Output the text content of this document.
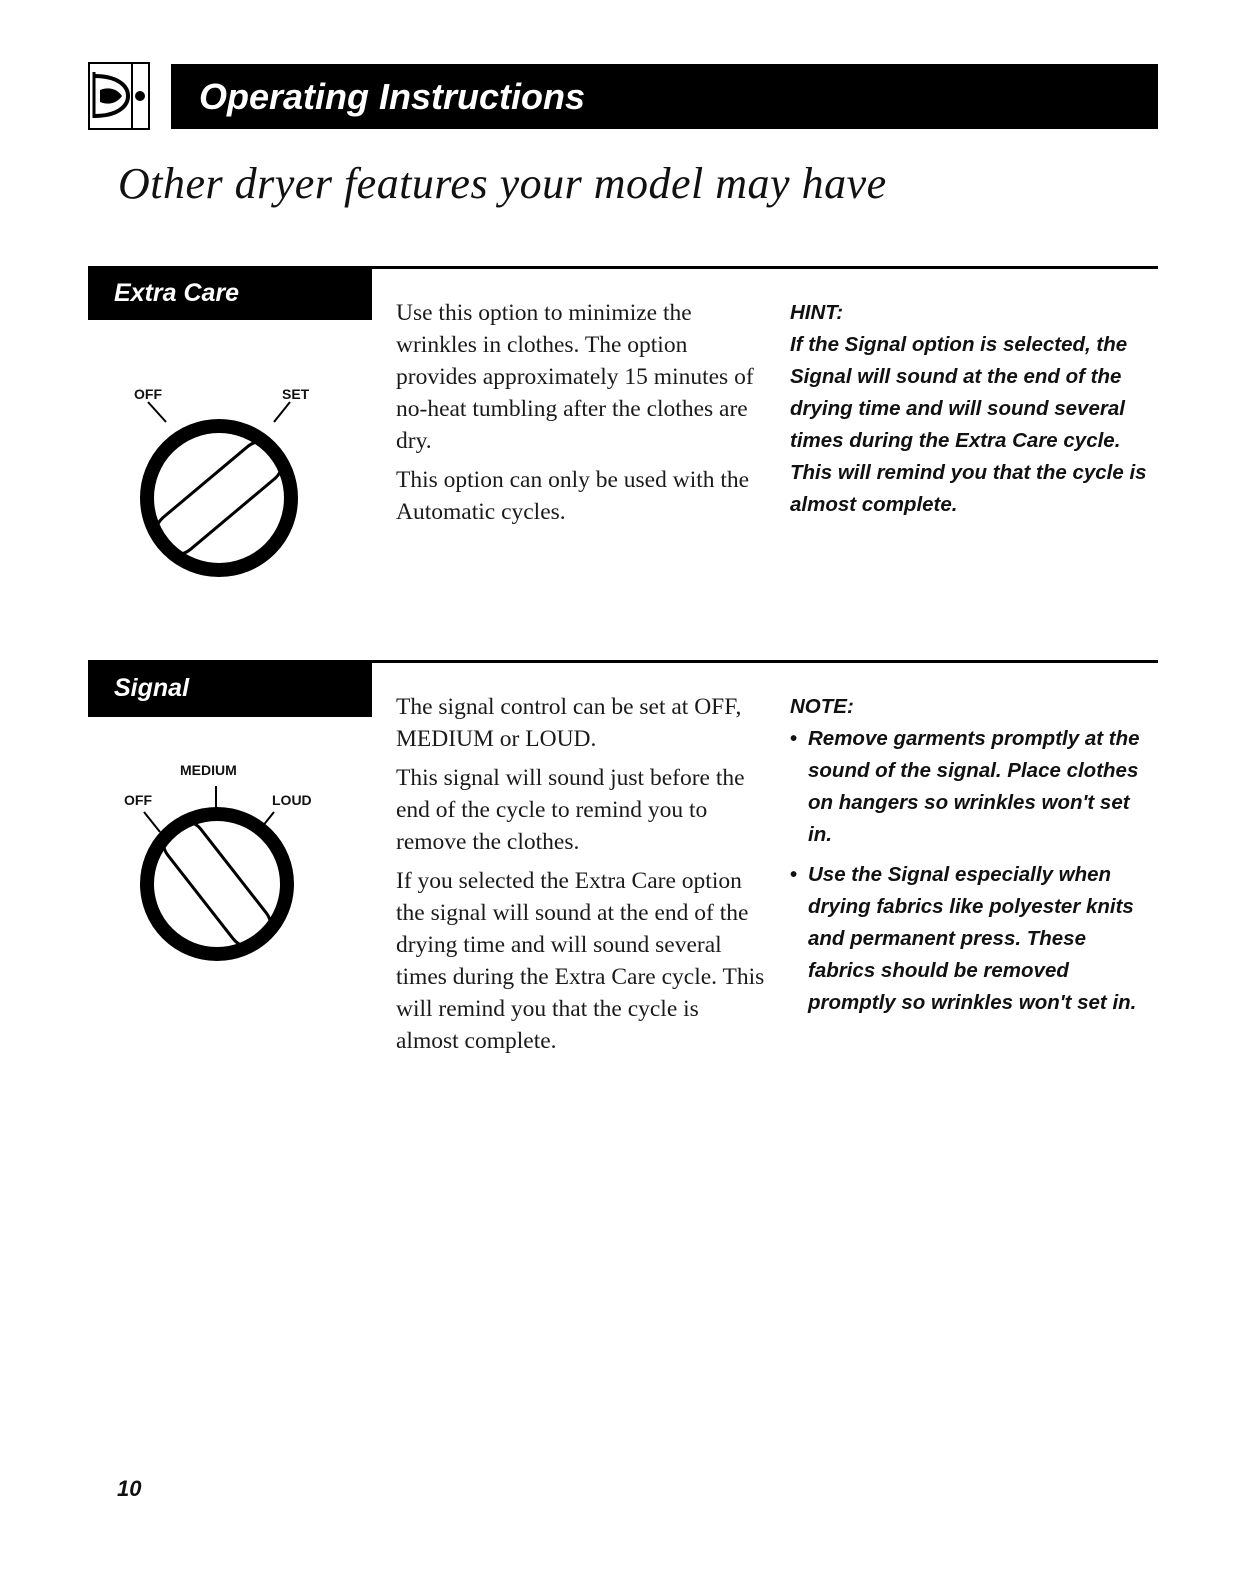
Operating Instructions
Other dryer features your model may have
Extra Care
OFF	SET

Use this option to minimize the wrinkles in clothes. The option provides approximately 15 minutes of no-heat tumbling after the clothes are dry.

This option can only be used with the Automatic cycles.

HINT:

If the Signal option is selected, the Signal will sound at the end of the drying time and will sound several times during the Extra Care cycle. This will remind you that the cycle is almost complete.

Signal
MEDIUM
OFF	LOUD

The signal control can be set at OFF, MEDIUM or LOUD.

This signal will sound just before the end of the cycle to remind you to remove the clothes.

If you selected the Extra Care option the signal will sound at the end of the drying time and will sound several times during the Extra Care cycle. This will remind you that the cycle is almost complete.

NOTE:

• Remove garments promptly at the sound of the signal. Place clothes on hangers so wrinkles won't set in.
• Use the Signal especially when drying fabrics like polyester knits and permanent press. These fabrics should be removed promptly so wrinkles won't set in.
10
